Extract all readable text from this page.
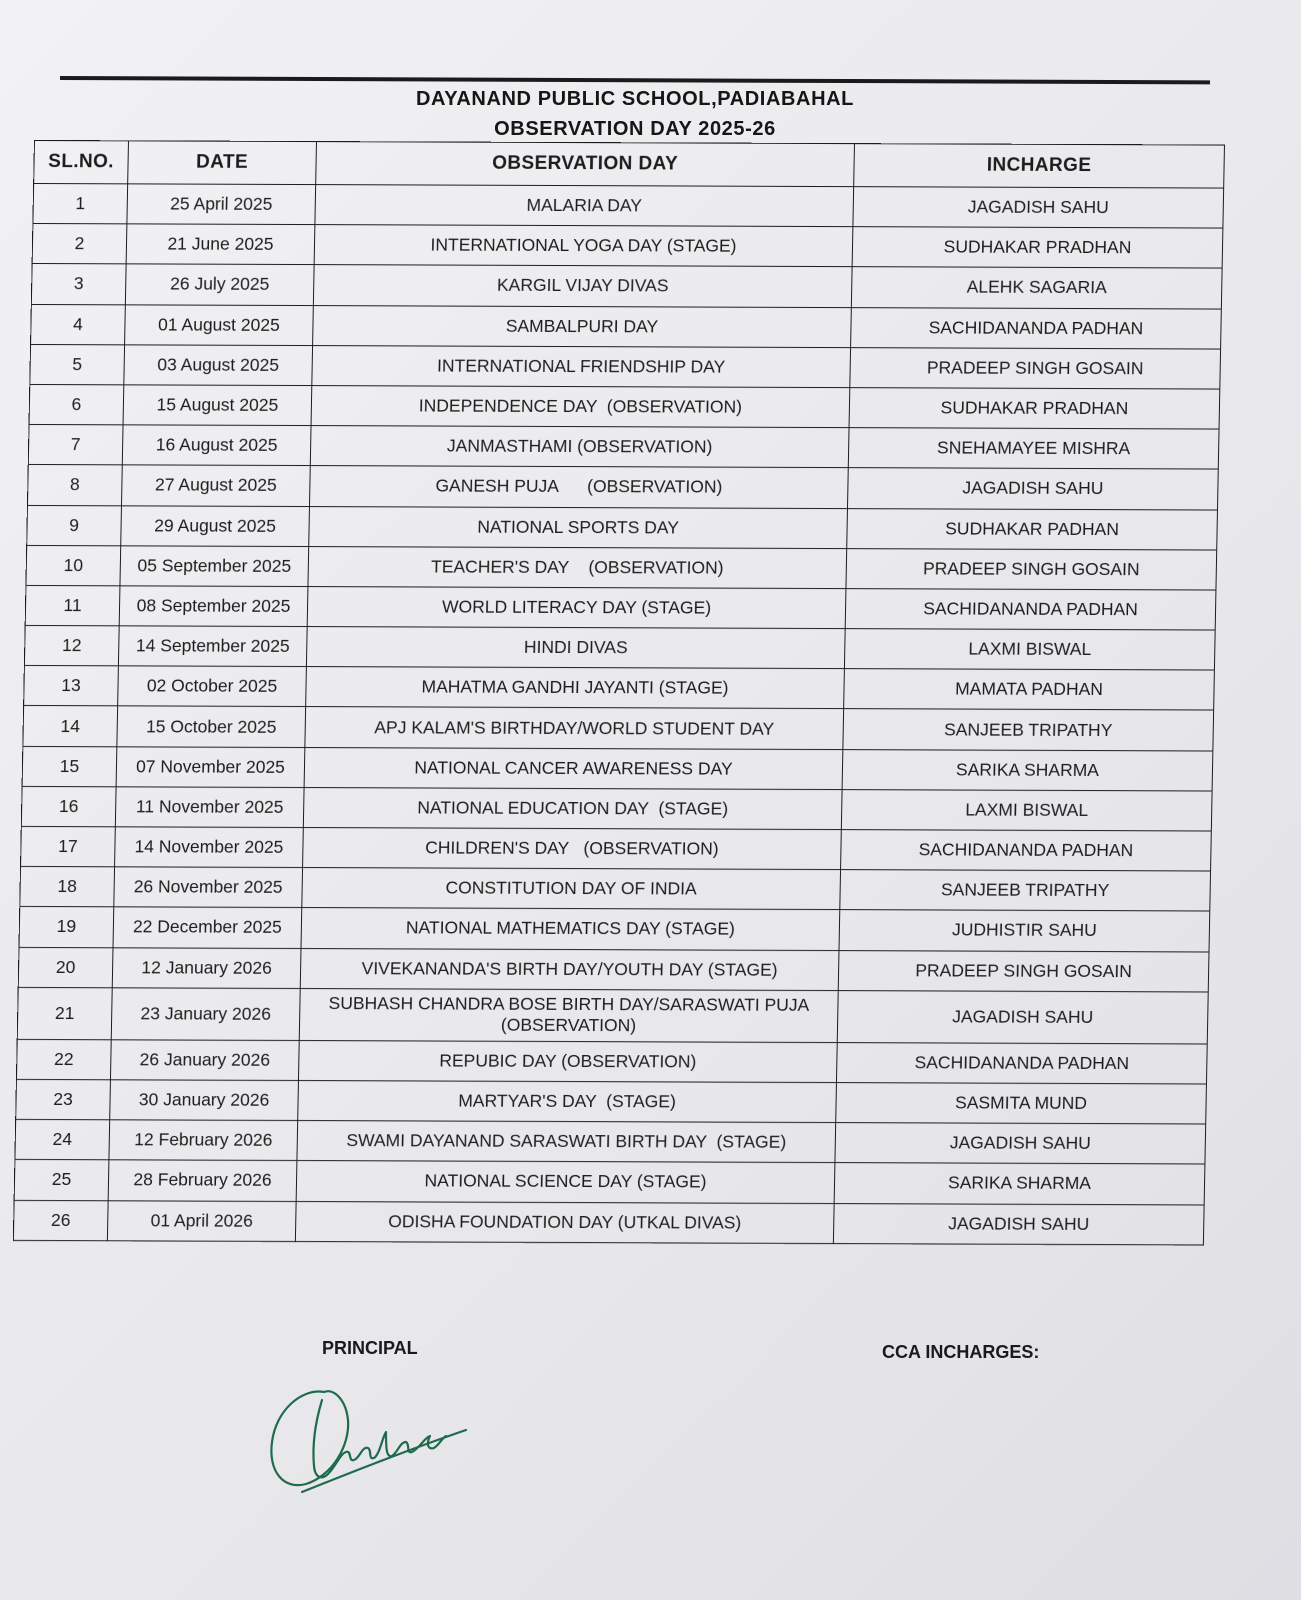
DAYANAND PUBLIC SCHOOL,PADIABAHAL
OBSERVATION DAY 2025-26
SL.NO.	DATE	OBSERVATION DAY	INCHARGE
1	25 April 2025	MALARIA DAY	JAGADISH SAHU
2	21 June 2025	INTERNATIONAL YOGA DAY (STAGE)	SUDHAKAR PRADHAN
3	26 July 2025	KARGIL VIJAY DIVAS	ALEHK SAGARIA
4	01 August 2025	SAMBALPURI DAY	SACHIDANANDA PADHAN
5	03 August 2025	INTERNATIONAL FRIENDSHIP DAY	PRADEEP SINGH GOSAIN
6	15 August 2025	INDEPENDENCE DAY  (OBSERVATION)	SUDHAKAR PRADHAN
7	16 August 2025	JANMASTHAMI (OBSERVATION)	SNEHAMAYEE MISHRA
8	27 August 2025	GANESH PUJA      (OBSERVATION)	JAGADISH SAHU
9	29 August 2025	NATIONAL SPORTS DAY	SUDHAKAR PADHAN
10	05 September 2025	TEACHER'S DAY    (OBSERVATION)	PRADEEP SINGH GOSAIN
11	08 September 2025	WORLD LITERACY DAY (STAGE)	SACHIDANANDA PADHAN
12	14 September 2025	HINDI DIVAS	LAXMI BISWAL
13	02 October 2025	MAHATMA GANDHI JAYANTI (STAGE)	MAMATA PADHAN
14	15 October 2025	APJ KALAM'S BIRTHDAY/WORLD STUDENT DAY	SANJEEB TRIPATHY
15	07 November 2025	NATIONAL CANCER AWARENESS DAY	SARIKA SHARMA
16	11 November 2025	NATIONAL EDUCATION DAY  (STAGE)	LAXMI BISWAL
17	14 November 2025	CHILDREN'S DAY   (OBSERVATION)	SACHIDANANDA PADHAN
18	26 November 2025	CONSTITUTION DAY OF INDIA	SANJEEB TRIPATHY
19	22 December 2025	NATIONAL MATHEMATICS DAY (STAGE)	JUDHISTIR SAHU
20	12 January 2026	VIVEKANANDA'S BIRTH DAY/YOUTH DAY (STAGE)	PRADEEP SINGH GOSAIN
21	23 January 2026	SUBHASH CHANDRA BOSE BIRTH DAY/SARASWATI PUJA (OBSERVATION)	JAGADISH SAHU
22	26 January 2026	REPUBIC DAY (OBSERVATION)	SACHIDANANDA PADHAN
23	30 January 2026	MARTYAR'S DAY  (STAGE)	SASMITA MUND
24	12 February 2026	SWAMI DAYANAND SARASWATI BIRTH DAY  (STAGE)	JAGADISH SAHU
25	28 February 2026	NATIONAL SCIENCE DAY (STAGE)	SARIKA SHARMA
26	01 April 2026	ODISHA FOUNDATION DAY (UTKAL DIVAS)	JAGADISH SAHU
PRINCIPAL	CCA INCHARGES:
